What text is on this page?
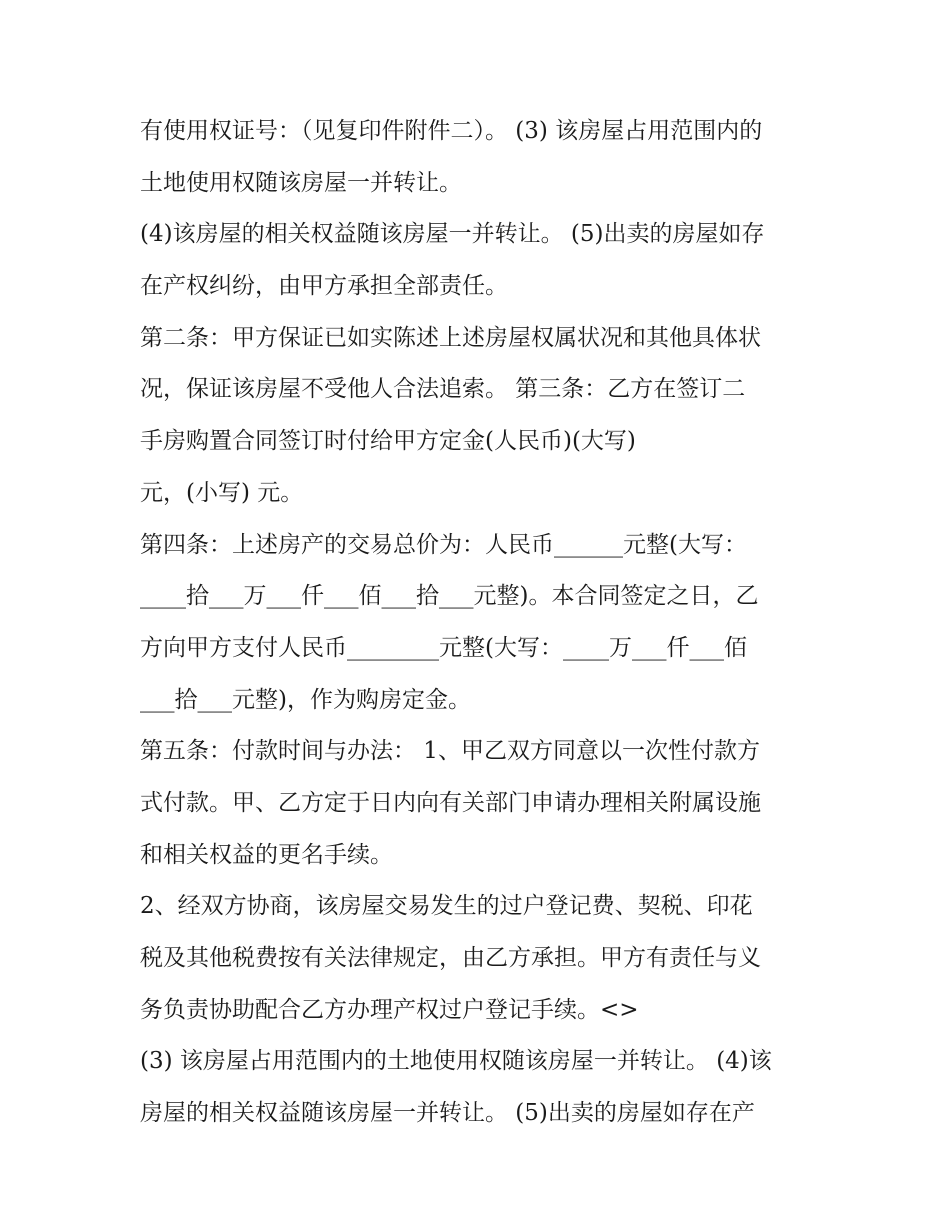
有使用权证号：（见复印件附件二）。 (3) 该房屋占用范围内的
土地使用权随该房屋一并转让。
(4)该房屋的相关权益随该房屋一并转让。 (5)出卖的房屋如存
在产权纠纷，由甲方承担全部责任。
第二条：甲方保证已如实陈述上述房屋权属状况和其他具体状
况，保证该房屋不受他人合法追索。 第三条：乙方在签订二
手房购置合同签订时付给甲方定金(人民币)(大写)
元，(小写) 元。
第四条：上述房产的交易总价为：人民币______元整(大写：
____拾___万___仟___佰___拾___元整)。本合同签定之日，乙
方向甲方支付人民币________元整(大写：____万___仟___佰
___拾___元整)，作为购房定金。
第五条：付款时间与办法： 1、甲乙双方同意以一次性付款方
式付款。甲、乙方定于日内向有关部门申请办理相关附属设施
和相关权益的更名手续。
2、经双方协商，该房屋交易发生的过户登记费、契税、印花
税及其他税费按有关法律规定，由乙方承担。甲方有责任与义
务负责协助配合乙方办理产权过户登记手续。<>
(3) 该房屋占用范围内的土地使用权随该房屋一并转让。 (4)该
房屋的相关权益随该房屋一并转让。 (5)出卖的房屋如存在产
